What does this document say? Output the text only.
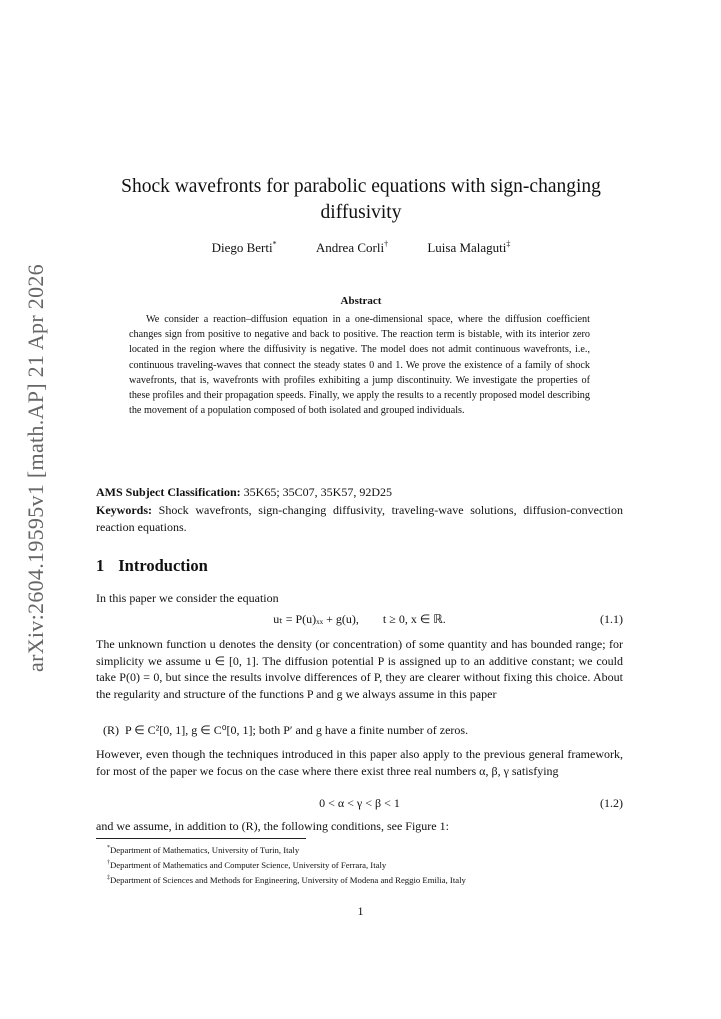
arXiv:2604.19595v1 [math.AP] 21 Apr 2026
Shock wavefronts for parabolic equations with sign-changing diffusivity
Diego Berti*	Andrea Corli†	Luisa Malaguti‡
Abstract
We consider a reaction–diffusion equation in a one-dimensional space, where the diffusion coefficient changes sign from positive to negative and back to positive. The reaction term is bistable, with its interior zero located in the region where the diffusivity is negative. The model does not admit continuous wavefronts, i.e., continuous traveling-waves that connect the steady states 0 and 1. We prove the existence of a family of shock wavefronts, that is, wavefronts with profiles exhibiting a jump discontinuity. We investigate the properties of these profiles and their propagation speeds. Finally, we apply the results to a recently proposed model describing the movement of a population composed of both isolated and grouped individuals.
AMS Subject Classification: 35K65; 35C07, 35K57, 92D25
Keywords: Shock wavefronts, sign-changing diffusivity, traveling-wave solutions, diffusion-convection reaction equations.
1 Introduction
In this paper we consider the equation
uₜ = P(u)ₓₓ + g(u),        t ≥ 0, x ∈ ℝ.	(1.1)
The unknown function u denotes the density (or concentration) of some quantity and has bounded range; for simplicity we assume u ∈ [0, 1]. The diffusion potential P is assigned up to an additive constant; we could take P(0) = 0, but since the results involve differences of P, they are clearer without fixing this choice. About the regularity and structure of the functions P and g we always assume in this paper
(R)  P ∈ C²[0, 1], g ∈ C⁰[0, 1]; both P′ and g have a finite number of zeros.
However, even though the techniques introduced in this paper also apply to the previous general framework, for most of the paper we focus on the case where there exist three real numbers α, β, γ satisfying
0 < α < γ < β < 1	(1.2)
and we assume, in addition to (R), the following conditions, see Figure 1:
*Department of Mathematics, University of Turin, Italy
†Department of Mathematics and Computer Science, University of Ferrara, Italy
‡Department of Sciences and Methods for Engineering, University of Modena and Reggio Emilia, Italy
1
